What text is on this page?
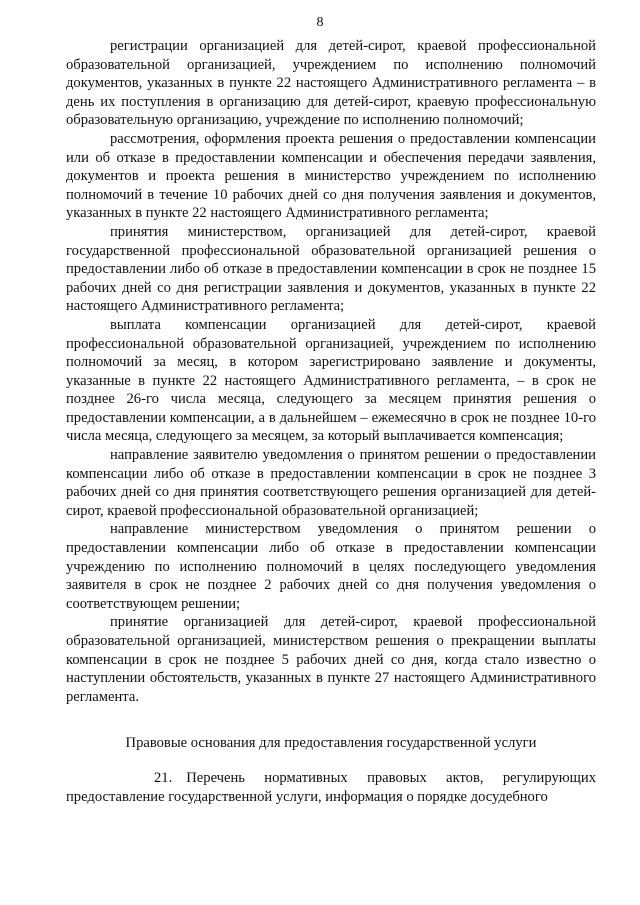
8

регистрации организацией для детей-сирот, краевой профессиональной образовательной организацией, учреждением по исполнению полномочий документов, указанных в пункте 22 настоящего Административного регламента – в день их поступления в организацию для детей-сирот, краевую профессиональную образовательную организацию, учреждение по исполнению полномочий;

рассмотрения, оформления проекта решения о предоставлении компенсации или об отказе в предоставлении компенсации и обеспечения передачи заявления, документов и проекта решения в министерство учреждением по исполнению полномочий в течение 10 рабочих дней со дня получения заявления и документов, указанных в пункте 22 настоящего Административного регламента;

принятия министерством, организацией для детей-сирот, краевой государственной профессиональной образовательной организацией решения о предоставлении либо об отказе в предоставлении компенсации в срок не позднее 15 рабочих дней со дня регистрации заявления и документов, указанных в пункте 22 настоящего Административного регламента;

выплата компенсации организацией для детей-сирот, краевой профессиональной образовательной организацией, учреждением по исполнению полномочий за месяц, в котором зарегистрировано заявление и документы, указанные в пункте 22 настоящего Административного регламента, – в срок не позднее 26-го числа месяца, следующего за месяцем принятия решения о предоставлении компенсации, а в дальнейшем – ежемесячно в срок не позднее 10-го числа месяца, следующего за месяцем, за который выплачивается компенсация;

направление заявителю уведомления о принятом решении о предоставлении компенсации либо об отказе в предоставлении компенсации в срок не позднее 3 рабочих дней со дня принятия соответствующего решения организацией для детей-сирот, краевой профессиональной образовательной организацией;

направление министерством уведомления о принятом решении о предоставлении компенсации либо об отказе в предоставлении компенсации учреждению по исполнению полномочий в целях последующего уведомления заявителя в срок не позднее 2 рабочих дней со дня получения уведомления о соответствующем решении;

принятие организацией для детей-сирот, краевой профессиональной образовательной организацией, министерством решения о прекращении выплаты компенсации в срок не позднее 5 рабочих дней со дня, когда стало известно о наступлении обстоятельств, указанных в пункте 27 настоящего Административного регламента.

Правовые основания для предоставления государственной услуги

21. Перечень нормативных правовых актов, регулирующих предоставление государственной услуги, информация о порядке досудебного
